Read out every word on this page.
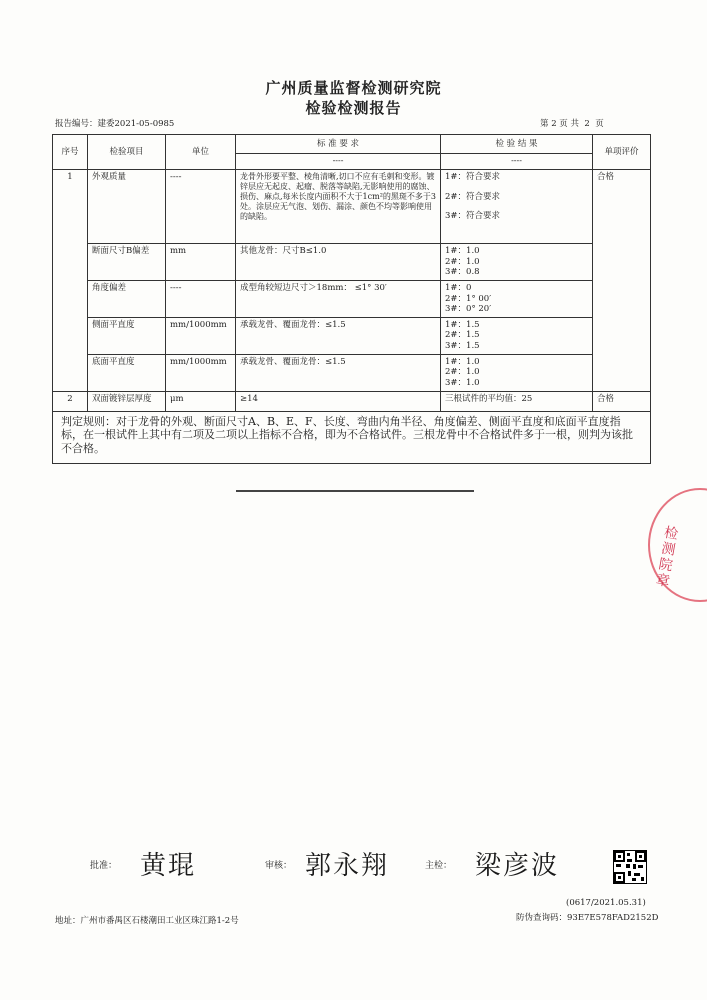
广州质量监督检测研究院
检验检测报告
报告编号：建委2021-05-0985	第 2 页 共  2  页
序号	检验项目	单位	标 准 要 求	检 验 结 果	单项评价
			----	----	
1	外观质量	----	龙骨外形要平整、棱角清晰,切口不应有毛刺和变形。镀锌层应无起皮、起瘤、脱落等缺陷,无影响使用的腐蚀、损伤、麻点,每米长度内面积不大于1cm²的黑斑不多于3处。涂层应无气泡、划伤、漏涂、颜色不均等影响使用的缺陷。	1#：符合要求
2#：符合要求
3#：符合要求	合格
	断面尺寸B偏差	mm	其他龙骨：尺寸B≤1.0	1#：1.0
2#：1.0
3#：0.8	

	角度偏差	----	成型角较短边尺寸＞18mm： ≤1° 30′	1#：0
2#：1° 00′
3#：0° 20′	

	侧面平直度	mm/1000mm	承载龙骨、覆面龙骨：≤1.5	1#：1.5
2#：1.5
3#：1.5	

	底面平直度	mm/1000mm	承载龙骨、覆面龙骨：≤1.5	1#：1.0
2#：1.0
3#：1.0	

2	双面镀锌层厚度	μm	≥14	三根试件的平均值：25	合格
判定规则：对于龙骨的外观、断面尺寸A、B、E、F、长度、弯曲内角半径、角度偏差、侧面平直度和底面平直度指标，在一根试件上其中有二项及二项以上指标不合格，即为不合格试件。三根龙骨中不合格试件多于一根，则判为该批不合格。					
检测院章
批准： 黄琨	审核： 郭永翔	主检： 梁彦波
(0617/2021.05.31)
地址：广州市番禺区石楼潮田工业区珠江路1-2号	防伪查询码：93E7E578FAD2152D
